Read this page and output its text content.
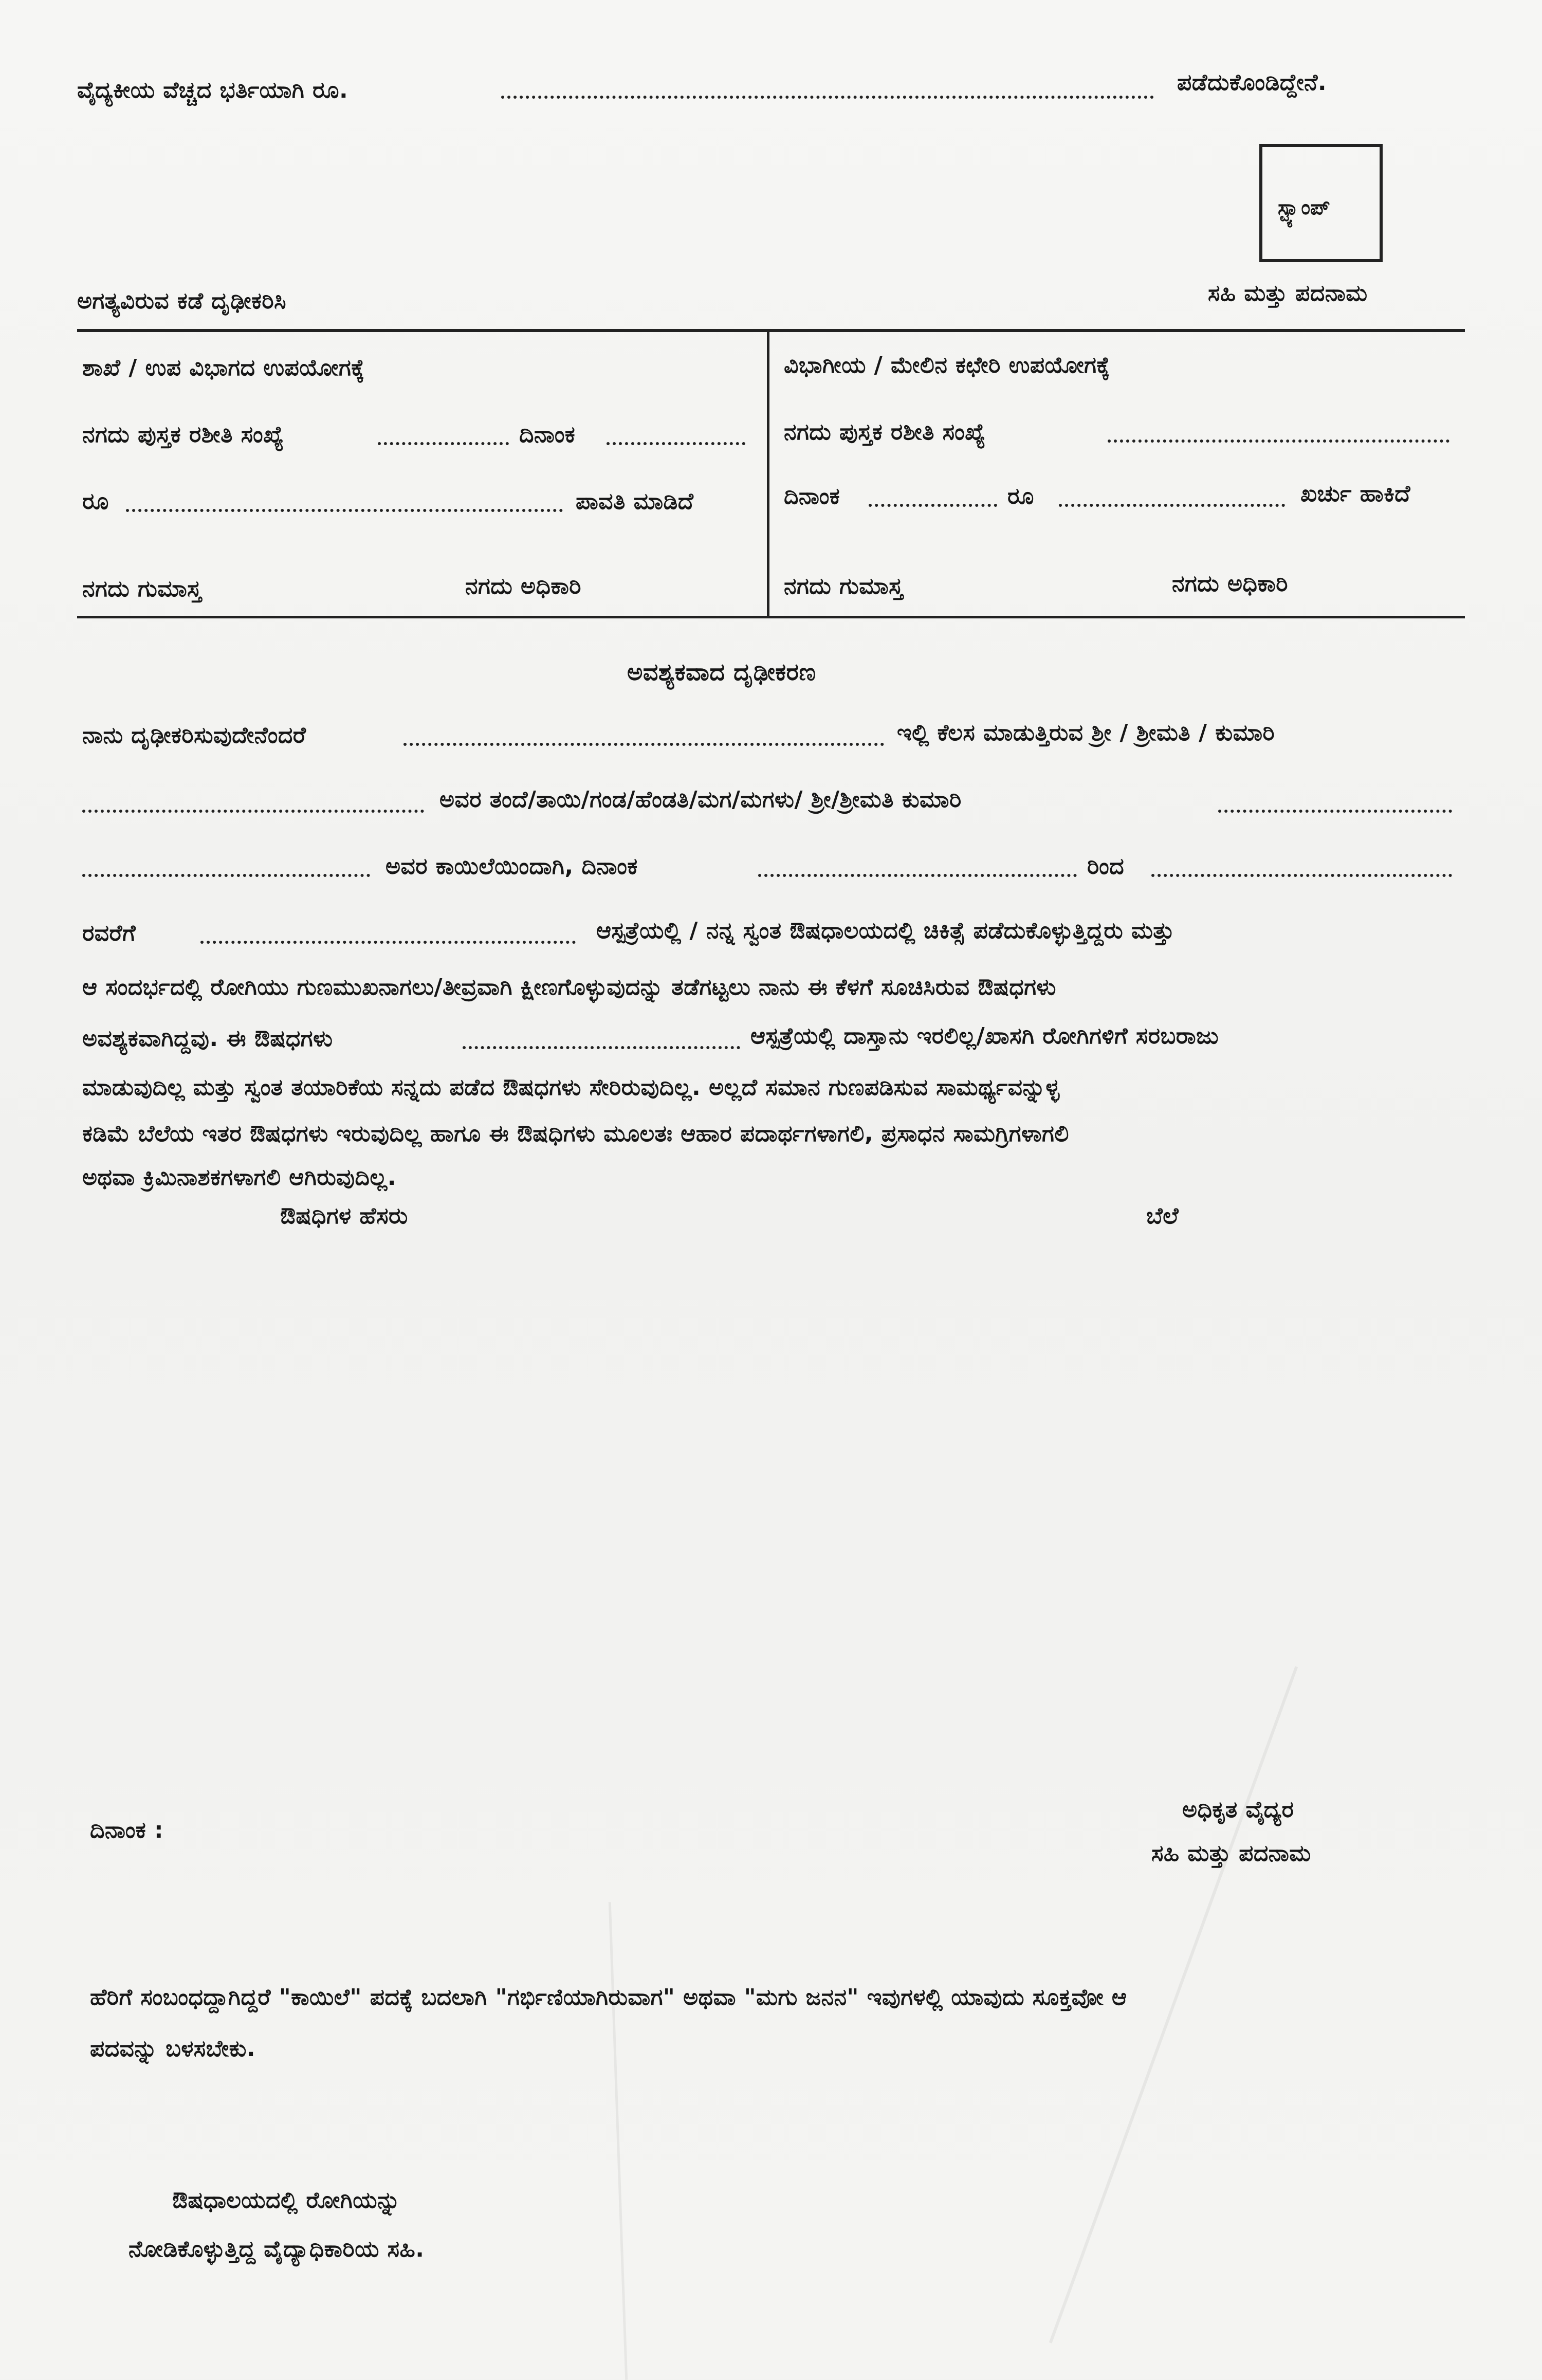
ವೈದ್ಯಕೀಯ ವೆಚ್ಚದ ಭರ್ತಿಯಾಗಿ ರೂ.	ಪಡೆದುಕೊಂಡಿದ್ದೇನೆ.
ಸ್ಟ್ಯಾಂಪ್
ಅಗತ್ಯವಿರುವ ಕಡೆ ದೃಢೀಕರಿಸಿ	ಸಹಿ ಮತ್ತು ಪದನಾಮ
ಶಾಖೆ / ಉಪ ವಿಭಾಗದ ಉಪಯೋಗಕ್ಕೆ
ನಗದು ಪುಸ್ತಕ ರಶೀತಿ ಸಂಖ್ಯೆ	ದಿನಾಂಕ
ರೂ	ಪಾವತಿ ಮಾಡಿದೆ
ನಗದು ಗುಮಾಸ್ತ	ನಗದು ಅಧಿಕಾರಿ
ವಿಭಾಗೀಯ / ಮೇಲಿನ ಕಛೇರಿ ಉಪಯೋಗಕ್ಕೆ
ನಗದು ಪುಸ್ತಕ ರಶೀತಿ ಸಂಖ್ಯೆ
ದಿನಾಂಕ	ರೂ	ಖರ್ಚು ಹಾಕಿದೆ
ನಗದು ಗುಮಾಸ್ತ	ನಗದು ಅಧಿಕಾರಿ
ಅವಶ್ಯಕವಾದ ದೃಢೀಕರಣ
ನಾನು ದೃಢೀಕರಿಸುವುದೇನೆಂದರೆ	ಇಲ್ಲಿ ಕೆಲಸ ಮಾಡುತ್ತಿರುವ ಶ್ರೀ / ಶ್ರೀಮತಿ / ಕುಮಾರಿ
ಅವರ ತಂದೆ/ತಾಯಿ/ಗಂಡ/ಹೆಂಡತಿ/ಮಗ/ಮಗಳು/ ಶ್ರೀ/ಶ್ರೀಮತಿ ಕುಮಾರಿ
ಅವರ ಕಾಯಿಲೆಯಿಂದಾಗಿ, ದಿನಾಂಕ	ರಿಂದ
ರವರೆಗೆ	ಆಸ್ಪತ್ರೆಯಲ್ಲಿ / ನನ್ನ ಸ್ವಂತ ಔಷಧಾಲಯದಲ್ಲಿ ಚಿಕಿತ್ಸೆ ಪಡೆದುಕೊಳ್ಳುತ್ತಿದ್ದರು ಮತ್ತು
ಆ ಸಂದರ್ಭದಲ್ಲಿ ರೋಗಿಯು ಗುಣಮುಖನಾಗಲು/ತೀವ್ರವಾಗಿ ಕ್ಷೀಣಗೊಳ್ಳುವುದನ್ನು ತಡೆಗಟ್ಟಲು ನಾನು ಈ ಕೆಳಗೆ ಸೂಚಿಸಿರುವ ಔಷಧಗಳು
ಅವಶ್ಯಕವಾಗಿದ್ದವು. ಈ ಔಷಧಗಳು	ಆಸ್ಪತ್ರೆಯಲ್ಲಿ ದಾಸ್ತಾನು ಇರಲಿಲ್ಲ/ಖಾಸಗಿ ರೋಗಿಗಳಿಗೆ ಸರಬರಾಜು
ಮಾಡುವುದಿಲ್ಲ ಮತ್ತು ಸ್ವಂತ ತಯಾರಿಕೆಯ ಸನ್ನದು ಪಡೆದ ಔಷಧಗಳು ಸೇರಿರುವುದಿಲ್ಲ. ಅಲ್ಲದೆ ಸಮಾನ ಗುಣಪಡಿಸುವ ಸಾಮರ್ಥ್ಯವನ್ನುಳ್ಳ
ಕಡಿಮೆ ಬೆಲೆಯ ಇತರ ಔಷಧಗಳು ಇರುವುದಿಲ್ಲ ಹಾಗೂ ಈ ಔಷಧಿಗಳು ಮೂಲತಃ ಆಹಾರ ಪದಾರ್ಥಗಳಾಗಲಿ, ಪ್ರಸಾಧನ ಸಾಮಗ್ರಿಗಳಾಗಲಿ
ಅಥವಾ ಕ್ರಿಮಿನಾಶಕಗಳಾಗಲಿ ಆಗಿರುವುದಿಲ್ಲ.
ಔಷಧಿಗಳ ಹೆಸರು	ಬೆಲೆ
ದಿನಾಂಕ :
ಅಧಿಕೃತ ವೈದ್ಯರ
ಸಹಿ ಮತ್ತು ಪದನಾಮ
ಹೆರಿಗೆ ಸಂಬಂಧದ್ದಾಗಿದ್ದರೆ "ಕಾಯಿಲೆ" ಪದಕ್ಕೆ ಬದಲಾಗಿ "ಗರ್ಭಿಣಿಯಾಗಿರುವಾಗ" ಅಥವಾ "ಮಗು ಜನನ" ಇವುಗಳಲ್ಲಿ ಯಾವುದು ಸೂಕ್ತವೋ ಆ
ಪದವನ್ನು ಬಳಸಬೇಕು.
ಔಷಧಾಲಯದಲ್ಲಿ ರೋಗಿಯನ್ನು
ನೋಡಿಕೊಳ್ಳುತ್ತಿದ್ದ ವೈದ್ಯಾಧಿಕಾರಿಯ ಸಹಿ.
